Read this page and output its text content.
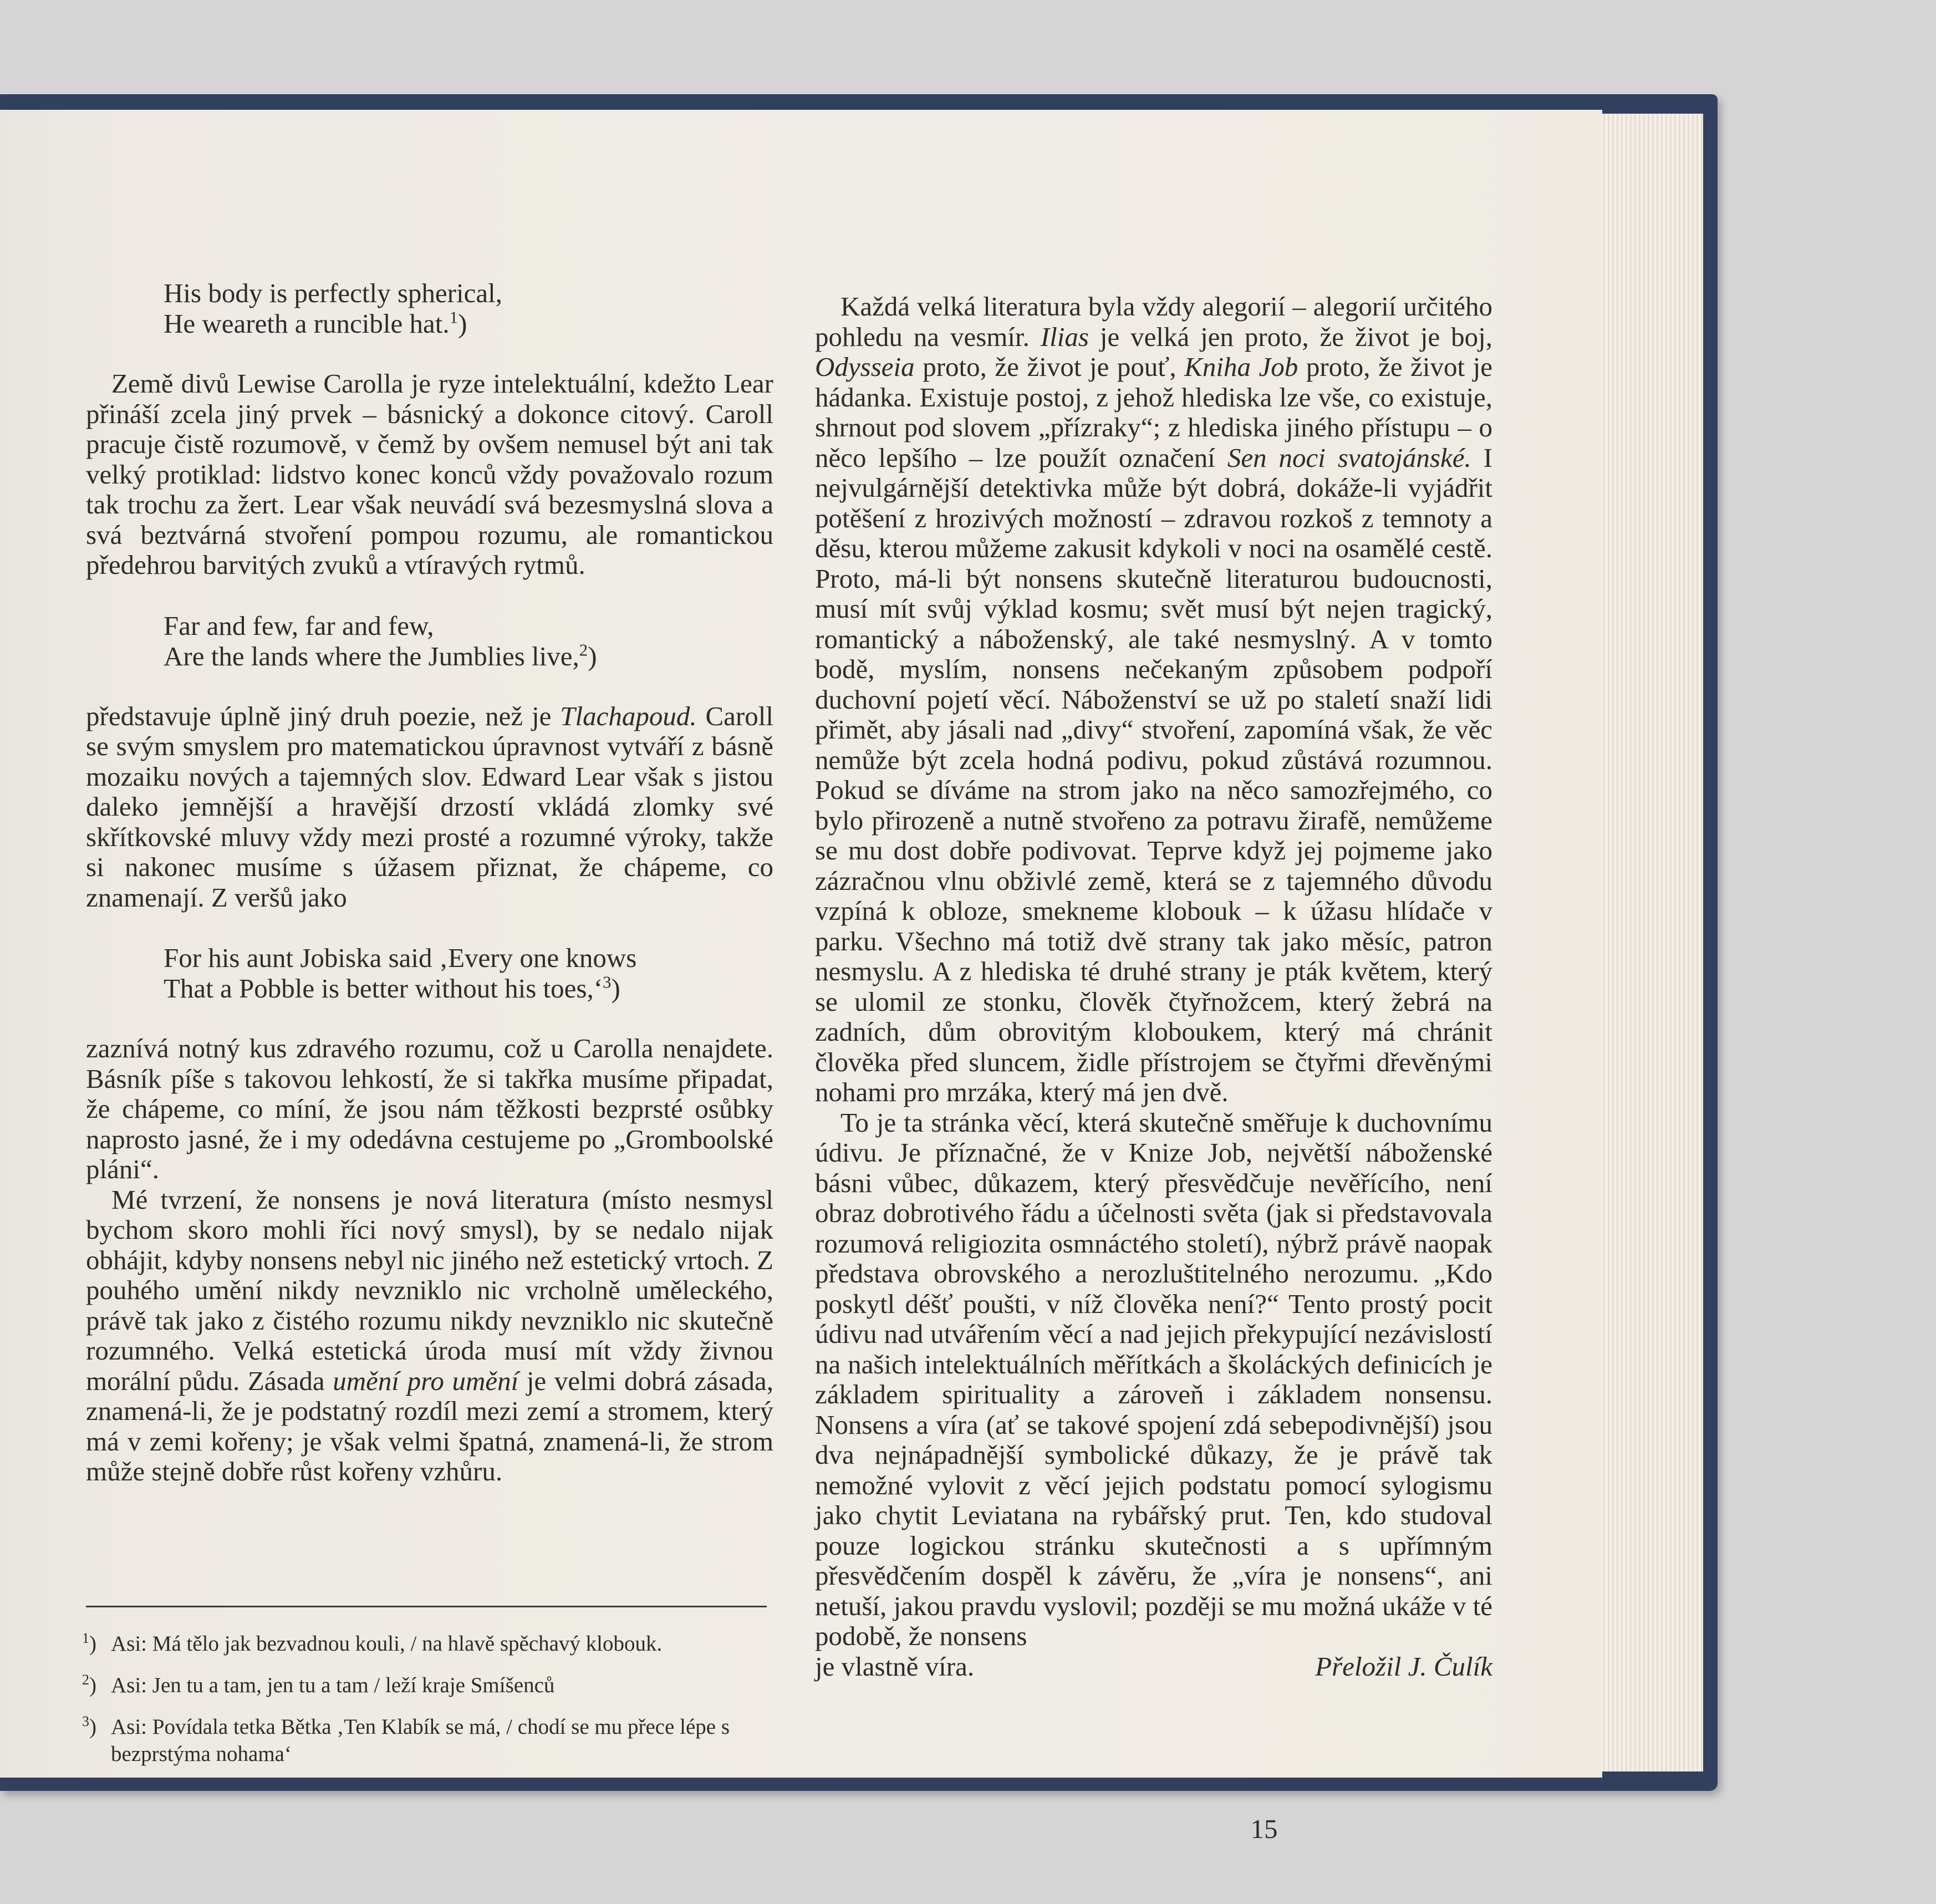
His body is perfectly spherical,
He weareth a runcible hat.$^1$)

Země divů Lewise Carolla je ryze intelektuální, kdežto Lear přináší zcela jiný prvek – básnický a dokonce citový. Caroll pracuje čistě rozumově, v čemž by ovšem nemusel být ani tak velký protiklad: lidstvo konec konců vždy považovalo rozum tak trochu za žert. Lear však neuvádí svá bezesmyslná slova a svá beztvárná stvoření pompou rozumu, ale romantickou předehrou barvitých zvuků a vtíravých rytmů.

Far and few, far and few,
Are the lands where the Jumblies live,$^2$)

představuje úplně jiný druh poezie, než je Tlachapoud. Caroll se svým smyslem pro matematickou úpravnost vytváří z básně mozaiku nových a tajemných slov. Edward Lear však s jistou daleko jemnější a hravější drzostí vkládá zlomky své skřítkovské mluvy vždy mezi prosté a rozumné výroky, takže si nakonec musíme s úžasem přiznat, že chápeme, co znamenají. Z veršů jako

For his aunt Jobiska said ‚Every one knows
That a Pobble is better without his toes,‘$^3$)

zaznívá notný kus zdravého rozumu, což u Carolla nenajdete. Básník píše s takovou lehkostí, že si takřka musíme připadat, že chápeme, co míní, že jsou nám těžkosti bezprsté osůbky naprosto jasné, že i my odedávna cestujeme po „Gromboolské pláni“.

Mé tvrzení, že nonsens je nová literatura (místo nesmysl bychom skoro mohli říci nový smysl), by se nedalo nijak obhájit, kdyby nonsens nebyl nic jiného než estetický vrtoch. Z pouhého umění nikdy nevzniklo nic vrcholně uměleckého, právě tak jako z čistého rozumu nikdy nevzniklo nic skutečně rozumného. Velká estetická úroda musí mít vždy živnou morální půdu. Zásada umění pro umění je velmi dobrá zásada, znamená-li, že je podstatný rozdíl mezi zemí a stromem, který má v zemi kořeny; je však velmi špatná, znamená-li, že strom může stejně dobře růst kořeny vzhůru.

$^1$) Asi: Má tělo jak bezvadnou kouli, / na hlavě spěchavý klobouk.

$^2$) Asi: Jen tu a tam, jen tu a tam / leží kraje Smíšenců

$^3$) Asi: Povídala tetka Bětka ‚Ten Klabík se má, / chodí se mu přece lépe s bezprstýma nohama‘

Každá velká literatura byla vždy alegorií – alegorií určitého pohledu na vesmír. Ilias je velká jen proto, že život je boj, Odysseia proto, že život je pouť, Kniha Job proto, že život je hádanka. Existuje postoj, z jehož hlediska lze vše, co existuje, shrnout pod slovem „přízraky“; z hlediska jiného přístupu – o něco lepšího – lze použít označení Sen noci svatojánské. I nejvulgárnější detektivka může být dobrá, dokáže-li vyjádřit potěšení z hrozivých možností – zdravou rozkoš z temnoty a děsu, kterou můžeme zakusit kdykoli v noci na osamělé cestě. Proto, má-li být nonsens skutečně literaturou budoucnosti, musí mít svůj výklad kosmu; svět musí být nejen tragický, romantický a náboženský, ale také nesmyslný. A v tomto bodě, myslím, nonsens nečekaným způsobem podpoří duchovní pojetí věcí. Náboženství se už po staletí snaží lidi přimět, aby jásali nad „divy“ stvoření, zapomíná však, že věc nemůže být zcela hodná podivu, pokud zůstává rozumnou. Pokud se díváme na strom jako na něco samozřejmého, co bylo přirozeně a nutně stvořeno za potravu žirafě, nemůžeme se mu dost dobře podivovat. Teprve když jej pojmeme jako zázračnou vlnu obživlé země, která se z tajemného důvodu vzpíná k obloze, smekneme klobouk – k úžasu hlídače v parku. Všechno má totiž dvě strany tak jako měsíc, patron nesmyslu. A z hlediska té druhé strany je pták květem, který se ulomil ze stonku, člověk čtyřnožcem, který žebrá na zadních, dům obrovitým kloboukem, který má chránit člověka před sluncem, židle přístrojem se čtyřmi dřevěnými nohami pro mrzáka, který má jen dvě.

To je ta stránka věcí, která skutečně směřuje k duchovnímu údivu. Je příznačné, že v Knize Job, největší náboženské básni vůbec, důkazem, který přesvědčuje nevěřícího, není obraz dobrotivého řádu a účelnosti světa (jak si představovala rozumová religiozita osmnáctého století), nýbrž právě naopak představa obrovského a nerozluštitelného nerozumu. „Kdo poskytl déšť poušti, v níž člověka není?“ Tento prostý pocit údivu nad utvářením věcí a nad jejich překypující nezávislostí na našich intelektuálních měřítkách a školáckých definicích je základem spirituality a zároveň i základem nonsensu. Nonsens a víra (ať se takové spojení zdá sebepodivnější) jsou dva nejnápadnější symbolické důkazy, že je právě tak nemožné vylovit z věcí jejich podstatu pomocí sylogismu jako chytit Leviatana na rybářský prut. Ten, kdo studoval pouze logickou stránku skutečnosti a s upřímným přesvědčením dospěl k závěru, že „víra je nonsens“, ani netuší, jakou pravdu vyslovil; později se mu možná ukáže v té podobě, že nonsens

je vlastně víra.	Přeložil J. Čulík
15
